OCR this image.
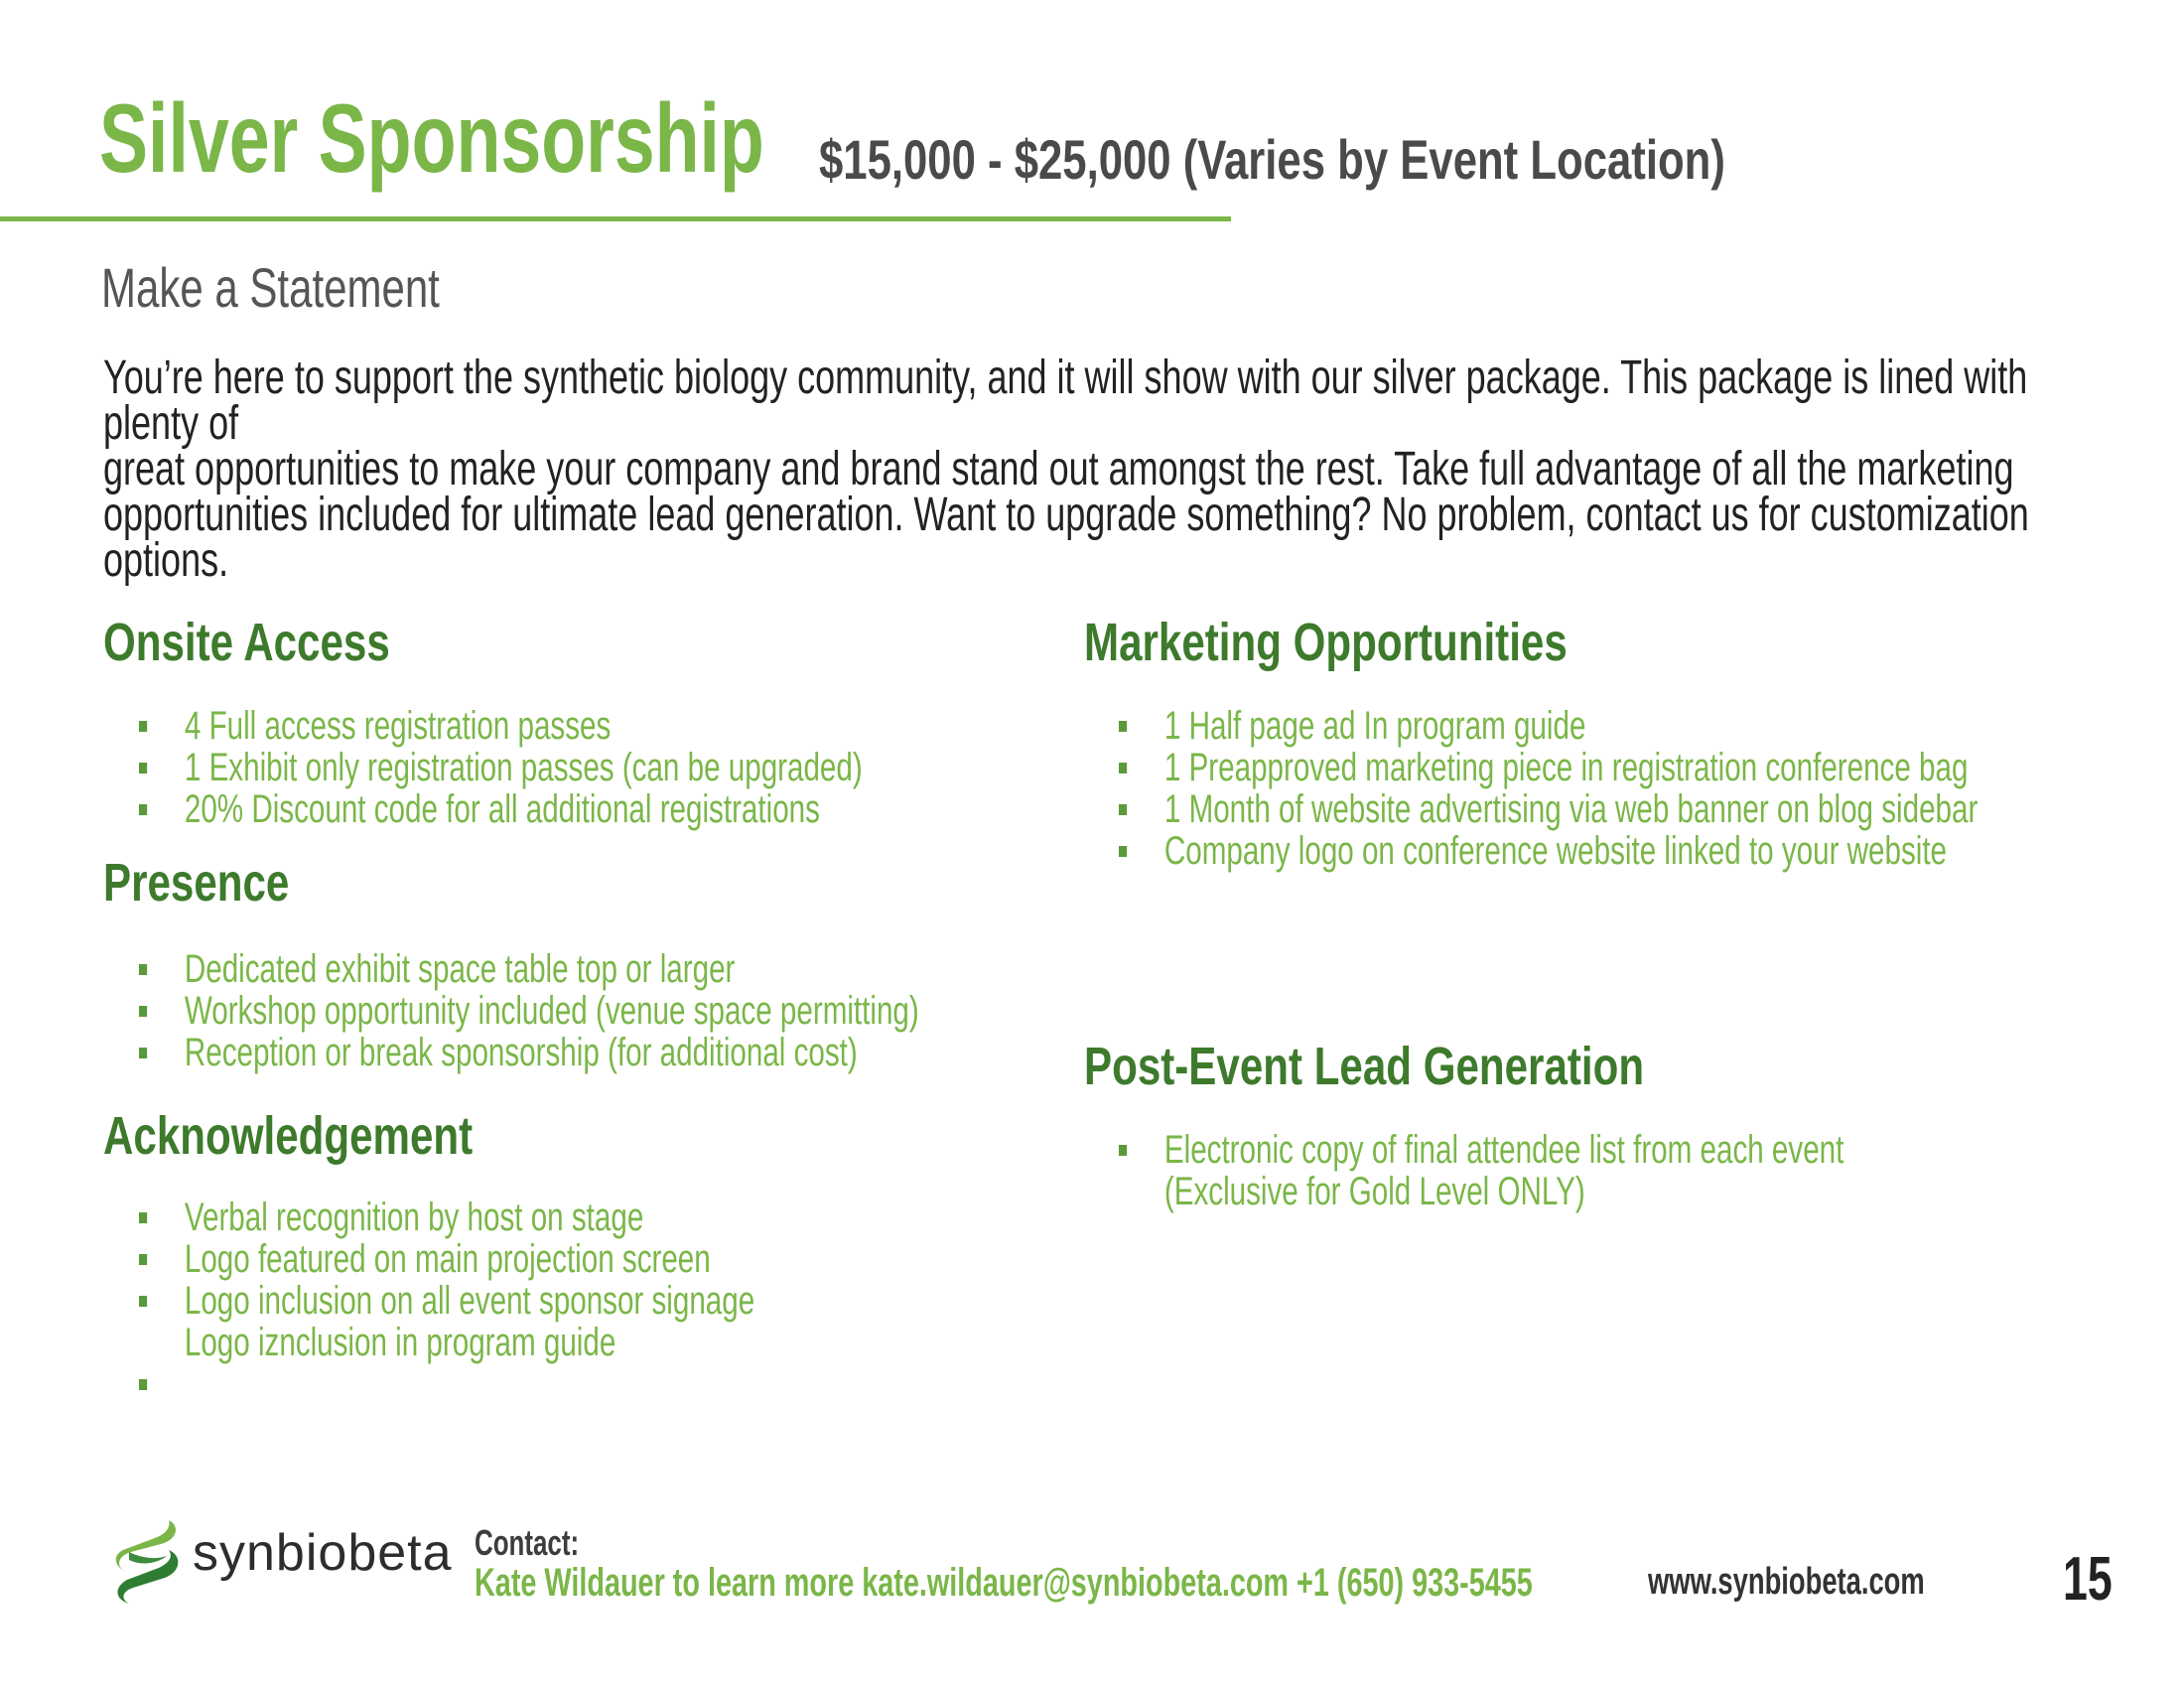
Silver Sponsorship $15,000 - $25,000 (Varies by Event Location)
Make a Statement
You’re here to support the synthetic biology community, and it will show with our silver package. This package is lined with
plenty of
great opportunities to make your company and brand stand out amongst the rest. Take full advantage of all the marketing
opportunities included for ultimate lead generation. Want to upgrade something? No problem, contact us for customization
options.
Onsite Access
4 Full access registration passes
1 Exhibit only registration passes (can be upgraded)
20% Discount code for all additional registrations
Presence
Dedicated exhibit space table top or larger
Workshop opportunity included (venue space permitting)
Reception or break sponsorship (for additional cost)
Acknowledgement
Verbal recognition by host on stage
Logo featured on main projection screen
Logo inclusion on all event sponsor signage
Logo iznclusion in program guide
Marketing Opportunities
1 Half page ad In program guide
1 Preapproved marketing piece in registration conference bag
1 Month of website advertising via web banner on blog sidebar
Company logo on conference website linked to your website
Post-Event Lead Generation
Electronic copy of final attendee list from each event
(Exclusive for Gold Level ONLY)
synbiobeta Contact:
Kate Wildauer to learn more kate.wildauer@synbiobeta.com +1 (650) 933-5455	www.synbiobeta.com 15
